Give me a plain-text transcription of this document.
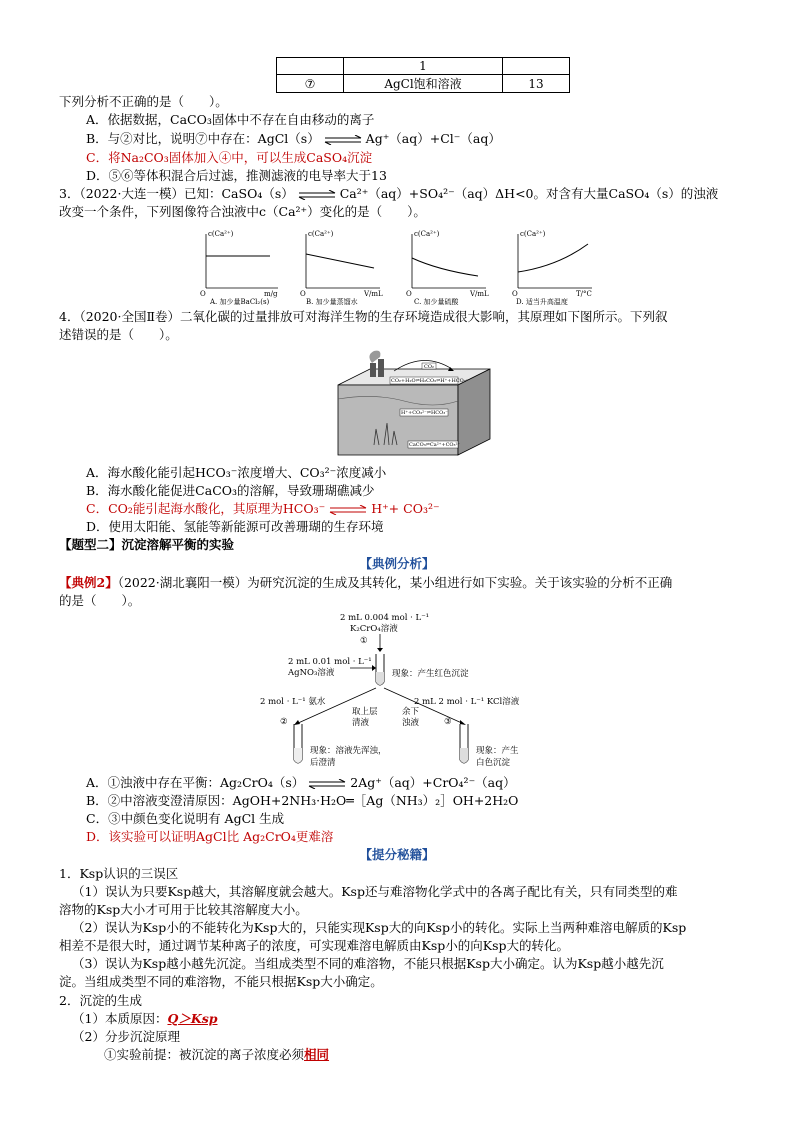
	1	
⑦	AgCl饱和溶液	13
下列分析不正确的是（　　）。
A．依据数据，CaCO₃固体中不存在自由移动的离子
B．与②对比，说明⑦中存在：AgCl（s） ⇌ Ag⁺（aq）+Cl⁻（aq）
C．将Na₂CO₃固体加入④中，可以生成CaSO₄沉淀
D．⑤⑥等体积混合后过滤，推测滤液的电导率大于13
3．（2022·大连一模）已知：CaSO₄（s） ⇌ Ca²⁺（aq）+SO₄²⁻（aq）ΔH<0。对含有大量CaSO₄（s）的浊液
改变一个条件，下列图像符合浊液中c（Ca²⁺）变化的是（　　）。
c(Ca²⁺)
O	m/g
A. 加少量BaCl₂(s)
c(Ca²⁺)
O	V/mL
B. 加少量蒸馏水
c(Ca²⁺)
O	V/mL
C. 加少量硫酸
c(Ca²⁺)
O	T/°C
D. 适当升高温度
4．（2020·全国Ⅱ卷）二氧化碳的过量排放可对海洋生物的生存环境造成很大影响，其原理如下图所示。下列叙
述错误的是（　　）。
CO₂
CO₂+H₂O⇌H₂CO₃⇌H⁺+HCO₃⁻
H⁺+CO₃²⁻⇌HCO₃⁻
CaCO₃⇌Ca²⁺+CO₃²⁻
A．海水酸化能引起HCO₃⁻浓度增大、CO₃²⁻浓度减小
B．海水酸化能促进CaCO₃的溶解，导致珊瑚礁减少
C．CO₂能引起海水酸化，其原理为HCO₃⁻ ⇌ H⁺+ CO₃²⁻
D．使用太阳能、氢能等新能源可改善珊瑚的生存环境
【题型二】沉淀溶解平衡的实验
【典例分析】
【典例2】（2022·湖北襄阳一模）为研究沉淀的生成及其转化，某小组进行如下实验。关于该实验的分析不正确
的是（　　）。
2 mL 0.004 mol · L⁻¹
K₂CrO₄溶液
①
2 mL 0.01 mol · L⁻¹
AgNO₃溶液	现象：产生红色沉淀
2 mol · L⁻¹ 氨水	2 mL 2 mol · L⁻¹ KCl溶液
取上层
清液
余下
浊液
②	③
现象：溶液先浑浊，
后澄清
现象：产生
白色沉淀
A．①浊液中存在平衡：Ag₂CrO₄（s） ⇌ 2Ag⁺（aq）+CrO₄²⁻（aq）
B．②中溶液变澄清原因：AgOH+2NH₃·H₂O═［Ag（NH₃）₂］OH+2H₂O
C．③中颜色变化说明有 AgCl 生成
D．该实验可以证明AgCl比 Ag₂CrO₄更难溶
【提分秘籍】
1．Ksp认识的三误区
（1）误认为只要Ksp越大，其溶解度就会越大。Ksp还与难溶物化学式中的各离子配比有关，只有同类型的难
溶物的Ksp大小才可用于比较其溶解度大小。
（2）误认为Ksp小的不能转化为Ksp大的，只能实现Ksp大的向Ksp小的转化。实际上当两种难溶电解质的Ksp
相差不是很大时，通过调节某种离子的浓度，可实现难溶电解质由Ksp小的向Ksp大的转化。
（3）误认为Ksp越小越先沉淀。当组成类型不同的难溶物，不能只根据Ksp大小确定。认为Ksp越小越先沉
淀。当组成类型不同的难溶物，不能只根据Ksp大小确定。
2．沉淀的生成
（1）本质原因：Q＞Ksp
（2）分步沉淀原理
①实验前提：被沉淀的离子浓度必须相同
